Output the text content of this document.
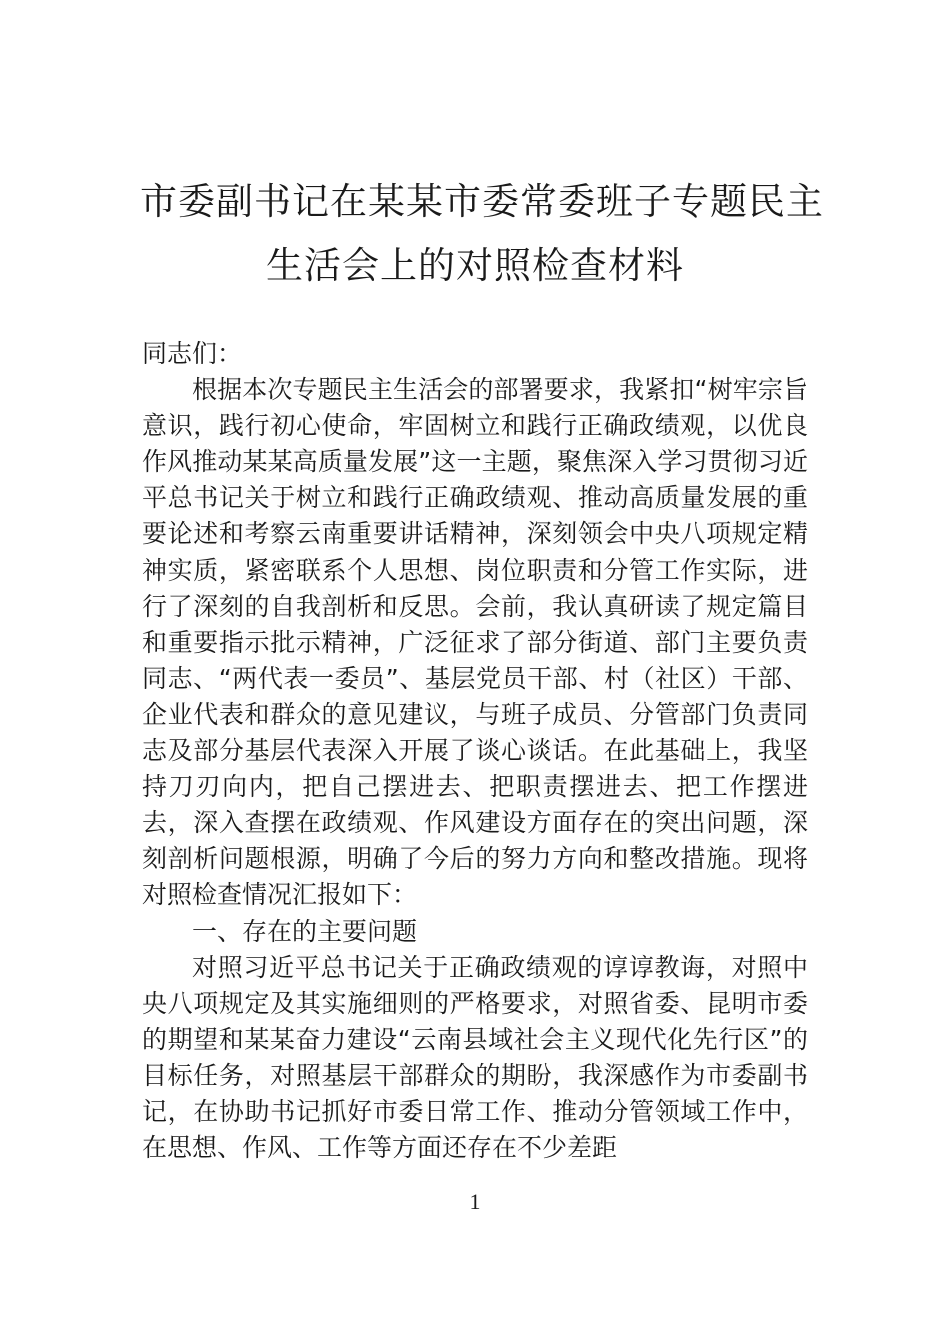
市委副书记在某某市委常委班子专题民主
生活会上的对照检查材料

同志们：

根据本次专题民主生活会的部署要求，我紧扣“树牢宗旨意识，践行初心使命，牢固树立和践行正确政绩观，以优良作风推动某某高质量发展”这一主题，聚焦深入学习贯彻习近平总书记关于树立和践行正确政绩观、推动高质量发展的重要论述和考察云南重要讲话精神，深刻领会中央八项规定精神实质，紧密联系个人思想、岗位职责和分管工作实际，进行了深刻的自我剖析和反思。会前，我认真研读了规定篇目和重要指示批示精神，广泛征求了部分街道、部门主要负责同志、“两代表一委员”、基层党员干部、村（社区）干部、企业代表和群众的意见建议，与班子成员、分管部门负责同志及部分基层代表深入开展了谈心谈话。在此基础上，我坚持刀刃向内，把自己摆进去、把职责摆进去、把工作摆进去，深入查摆在政绩观、作风建设方面存在的突出问题，深刻剖析问题根源，明确了今后的努力方向和整改措施。现将对照检查情况汇报如下：

一、存在的主要问题

对照习近平总书记关于正确政绩观的谆谆教诲，对照中央八项规定及其实施细则的严格要求，对照省委、昆明市委的期望和某某奋力建设“云南县域社会主义现代化先行区”的目标任务，对照基层干部群众的期盼，我深感作为市委副书记，在协助书记抓好市委日常工作、推动分管领域工作中，在思想、作风、工作等方面还存在不少差距

1
